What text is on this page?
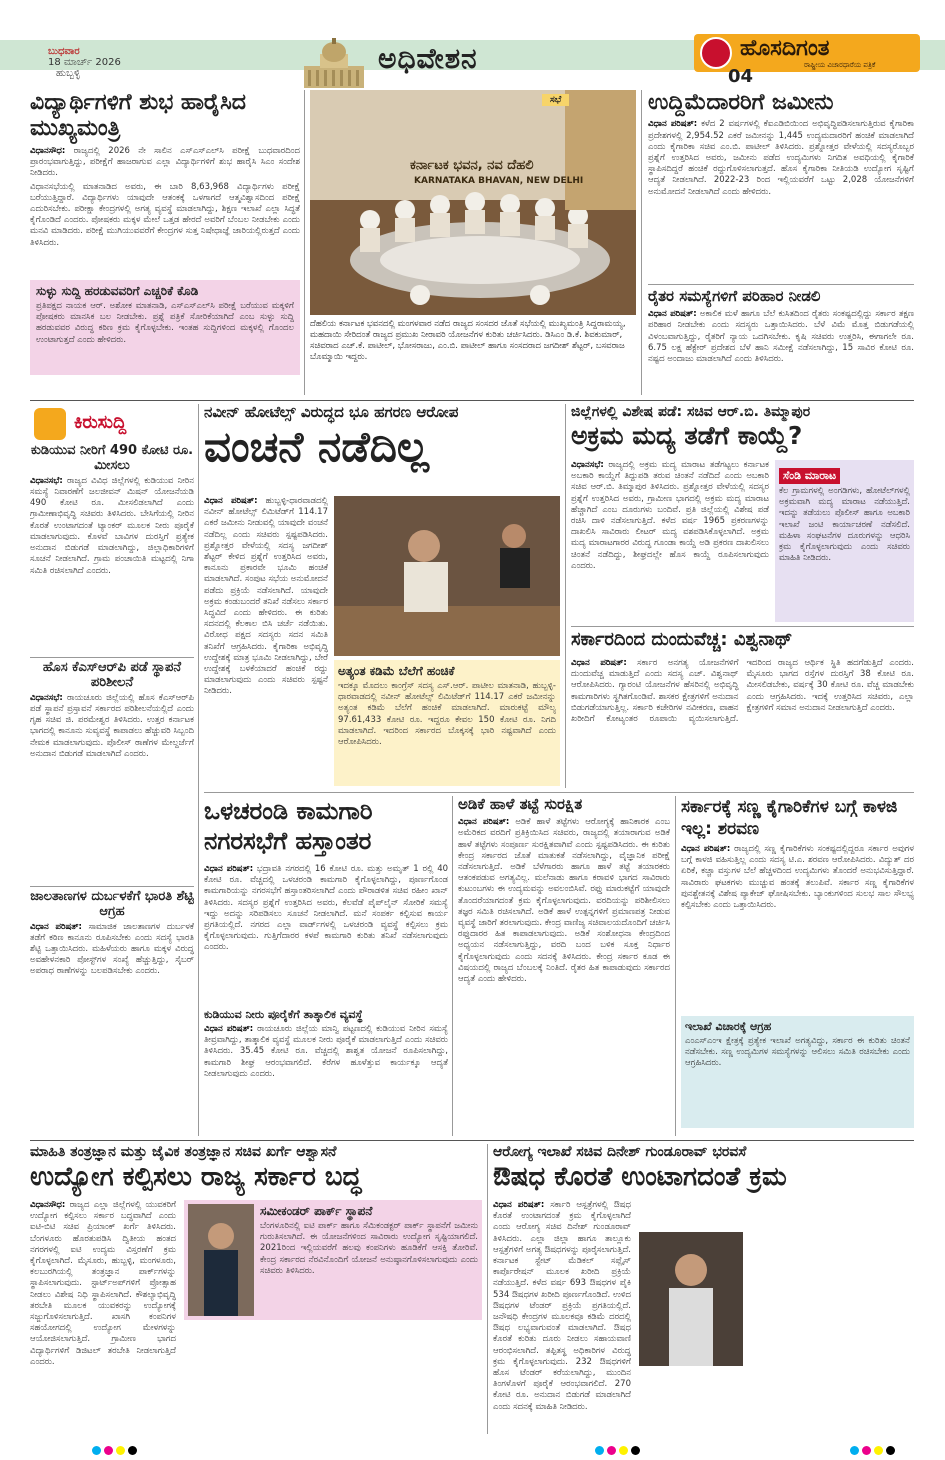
ಬುಧವಾರ
18 ಮಾರ್ಚ್ 2026
ಹುಬ್ಬಳ್ಳಿ	ಅಧಿವೇಶನ	ಹೊಸದಿಗಂತ
ರಾಷ್ಟ್ರೀಯ ವಿಚಾರಧಾರೆಯ ಪತ್ರಿಕೆ
04
ವಿದ್ಯಾರ್ಥಿಗಳಿಗೆ ಶುಭ ಹಾರೈಸಿದ ಮುಖ್ಯಮಂತ್ರಿ

ವಿಧಾನಸೌಧ: ರಾಜ್ಯದಲ್ಲಿ 2026 ನೇ ಸಾಲಿನ ಎಸ್‌ಎಸ್‌ಎಲ್‌ಸಿ ಪರೀಕ್ಷೆ ಬುಧವಾರದಿಂದ ಪ್ರಾರಂಭವಾಗುತ್ತಿದ್ದು, ಪರೀಕ್ಷೆಗೆ ಹಾಜರಾಗುವ ಎಲ್ಲಾ ವಿದ್ಯಾರ್ಥಿಗಳಿಗೆ ಶುಭ ಹಾರೈಸಿ ಸಿಎಂ ಸಂದೇಶ ನೀಡಿದರು.

ವಿಧಾನಸಭೆಯಲ್ಲಿ ಮಾತನಾಡಿದ ಅವರು, ಈ ಬಾರಿ 8,63,968 ವಿದ್ಯಾರ್ಥಿಗಳು ಪರೀಕ್ಷೆ ಬರೆಯುತ್ತಿದ್ದಾರೆ. ವಿದ್ಯಾರ್ಥಿಗಳು ಯಾವುದೇ ಆತಂಕಕ್ಕೆ ಒಳಗಾಗದೆ ಆತ್ಮವಿಶ್ವಾಸದಿಂದ ಪರೀಕ್ಷೆ ಎದುರಿಸಬೇಕು. ಪರೀಕ್ಷಾ ಕೇಂದ್ರಗಳಲ್ಲಿ ಅಗತ್ಯ ವ್ಯವಸ್ಥೆ ಮಾಡಲಾಗಿದ್ದು, ಶಿಕ್ಷಣ ಇಲಾಖೆ ಎಲ್ಲಾ ಸಿದ್ಧತೆ ಕೈಗೊಂಡಿದೆ ಎಂದರು. ಪೋಷಕರು ಮಕ್ಕಳ ಮೇಲೆ ಒತ್ತಡ ಹೇರದೆ ಅವರಿಗೆ ಬೆಂಬಲ ನೀಡಬೇಕು ಎಂದು ಮನವಿ ಮಾಡಿದರು. ಪರೀಕ್ಷೆ ಮುಗಿಯುವವರೆಗೆ ಕೇಂದ್ರಗಳ ಸುತ್ತ ನಿಷೇಧಾಜ್ಞೆ ಜಾರಿಯಲ್ಲಿರುತ್ತದೆ ಎಂದು ತಿಳಿಸಿದರು.

ಸುಳ್ಳು ಸುದ್ದಿ ಹರಡುವವರಿಗೆ ಎಚ್ಚರಿಕೆ ಕೊಡಿ
ಪ್ರತಿಪಕ್ಷದ ನಾಯಕ ಆರ್. ಅಶೋಕ ಮಾತನಾಡಿ, ಎಸ್‌ಎಸ್‌ಎಲ್‌ಸಿ ಪರೀಕ್ಷೆ ಬರೆಯುವ ಮಕ್ಕಳಿಗೆ ಪೋಷಕರು ಮಾನಸಿಕ ಬಲ ನೀಡಬೇಕು. ಪ್ರಶ್ನೆ ಪತ್ರಿಕೆ ಸೋರಿಕೆಯಾಗಿದೆ ಎಂಬ ಸುಳ್ಳು ಸುದ್ದಿ ಹರಡುವವರ ವಿರುದ್ಧ ಕಠಿಣ ಕ್ರಮ ಕೈಗೊಳ್ಳಬೇಕು. ಇಂತಹ ಸುದ್ದಿಗಳಿಂದ ಮಕ್ಕಳಲ್ಲಿ ಗೊಂದಲ ಉಂಟಾಗುತ್ತದೆ ಎಂದು ಹೇಳಿದರು.
ಸಭೆ
ಕರ್ನಾಟಕ ಭವನ, ನವ ದೆಹಲಿ
KARNATAKA BHAVAN, NEW DELHI
ದೆಹಲಿಯ ಕರ್ನಾಟಕ ಭವನದಲ್ಲಿ ಮಂಗಳವಾರ ನಡೆದ ರಾಜ್ಯದ ಸಂಸದರ ಜೊತೆ ಸಭೆಯಲ್ಲಿ ಮುಖ್ಯಮಂತ್ರಿ ಸಿದ್ದರಾಮಯ್ಯ, ಮಹದಾಯಿ ಸೇರಿದಂತೆ ರಾಜ್ಯದ ಪ್ರಮುಖ ನೀರಾವರಿ ಯೋಜನೆಗಳ ಕುರಿತು ಚರ್ಚಿಸಿದರು. ಡಿಸಿಎಂ ಡಿ.ಕೆ. ಶಿವಕುಮಾರ್, ಸಚಿವರಾದ ಎಚ್.ಕೆ. ಪಾಟೀಲ್, ಭೋಸರಾಜು, ಎಂ.ಬಿ. ಪಾಟೀಲ್ ಹಾಗೂ ಸಂಸದರಾದ ಜಗದೀಶ್ ಶೆಟ್ಟರ್, ಬಸವರಾಜ ಬೊಮ್ಮಾಯಿ ಇದ್ದರು.
ಉದ್ದಿಮೆದಾರರಿಗೆ ಜಮೀನು
ವಿಧಾನ ಪರಿಷತ್: ಕಳೆದ 2 ವರ್ಷಗಳಲ್ಲಿ ಕೆಐಎಡಿಬಿಯಿಂದ ಅಭಿವೃದ್ಧಿಪಡಿಸಲಾಗುತ್ತಿರುವ ಕೈಗಾರಿಕಾ ಪ್ರದೇಶಗಳಲ್ಲಿ 2,954.52 ಎಕರೆ ಜಮೀನನ್ನು 1,445 ಉದ್ಯಮದಾರರಿಗೆ ಹಂಚಿಕೆ ಮಾಡಲಾಗಿದೆ ಎಂದು ಕೈಗಾರಿಕಾ ಸಚಿವ ಎಂ.ಬಿ. ಪಾಟೀಲ್ ತಿಳಿಸಿದರು. ಪ್ರಶ್ನೋತ್ತರ ವೇಳೆಯಲ್ಲಿ ಸದಸ್ಯರೊಬ್ಬರ ಪ್ರಶ್ನೆಗೆ ಉತ್ತರಿಸಿದ ಅವರು, ಜಮೀನು ಪಡೆದ ಉದ್ಯಮಿಗಳು ನಿಗದಿತ ಅವಧಿಯಲ್ಲಿ ಕೈಗಾರಿಕೆ ಸ್ಥಾಪಿಸದಿದ್ದರೆ ಹಂಚಿಕೆ ರದ್ದುಗೊಳಿಸಲಾಗುತ್ತದೆ. ಹೊಸ ಕೈಗಾರಿಕಾ ನೀತಿಯಡಿ ಉದ್ಯೋಗ ಸೃಷ್ಟಿಗೆ ಆದ್ಯತೆ ನೀಡಲಾಗಿದೆ. 2022-23 ರಿಂದ ಇಲ್ಲಿಯವರೆಗೆ ಒಟ್ಟು 2,028 ಯೋಜನೆಗಳಿಗೆ ಅನುಮೋದನೆ ನೀಡಲಾಗಿದೆ ಎಂದು ಹೇಳಿದರು.
ರೈತರ ಸಮಸ್ಯೆಗಳಿಗೆ ಪರಿಹಾರ ನೀಡಲಿ
ವಿಧಾನ ಪರಿಷತ್: ಅಕಾಲಿಕ ಮಳೆ ಹಾಗೂ ಬೆಲೆ ಕುಸಿತದಿಂದ ರೈತರು ಸಂಕಷ್ಟದಲ್ಲಿದ್ದು ಸರ್ಕಾರ ತಕ್ಷಣ ಪರಿಹಾರ ನೀಡಬೇಕು ಎಂದು ಸದಸ್ಯರು ಒತ್ತಾಯಿಸಿದರು. ಬೆಳೆ ವಿಮೆ ಮೊತ್ತ ಬಿಡುಗಡೆಯಲ್ಲಿ ವಿಳಂಬವಾಗುತ್ತಿದ್ದು, ರೈತರಿಗೆ ನ್ಯಾಯ ಒದಗಿಸಬೇಕು. ಕೃಷಿ ಸಚಿವರು ಉತ್ತರಿಸಿ, ಈಗಾಗಲೇ ರೂ. 6.75 ಲಕ್ಷ ಹೆಕ್ಟೇರ್ ಪ್ರದೇಶದ ಬೆಳೆ ಹಾನಿ ಸಮೀಕ್ಷೆ ನಡೆಸಲಾಗಿದ್ದು, 15 ಸಾವಿರ ಕೋಟಿ ರೂ. ನಷ್ಟದ ಅಂದಾಜು ಮಾಡಲಾಗಿದೆ ಎಂದು ತಿಳಿಸಿದರು.
ಕಿರುಸುದ್ದಿ
ಕುಡಿಯುವ ನೀರಿಗೆ 490 ಕೋಟಿ ರೂ. ಮೀಸಲು
ವಿಧಾನಸಭೆ: ರಾಜ್ಯದ ವಿವಿಧ ಜಿಲ್ಲೆಗಳಲ್ಲಿ ಕುಡಿಯುವ ನೀರಿನ ಸಮಸ್ಯೆ ನಿವಾರಣೆಗೆ ಜಲಜೀವನ್ ಮಿಷನ್ ಯೋಜನೆಯಡಿ 490 ಕೋಟಿ ರೂ. ಮೀಸಲಿಡಲಾಗಿದೆ ಎಂದು ಗ್ರಾಮೀಣಾಭಿವೃದ್ಧಿ ಸಚಿವರು ತಿಳಿಸಿದರು. ಬೇಸಿಗೆಯಲ್ಲಿ ನೀರಿನ ಕೊರತೆ ಉಂಟಾಗದಂತೆ ಟ್ಯಾಂಕರ್ ಮೂಲಕ ನೀರು ಪೂರೈಕೆ ಮಾಡಲಾಗುವುದು. ಕೊಳವೆ ಬಾವಿಗಳ ದುರಸ್ತಿಗೆ ಪ್ರತ್ಯೇಕ ಅನುದಾನ ಬಿಡುಗಡೆ ಮಾಡಲಾಗಿದ್ದು, ಜಿಲ್ಲಾಧಿಕಾರಿಗಳಿಗೆ ಸೂಚನೆ ನೀಡಲಾಗಿದೆ. ಗ್ರಾಮ ಪಂಚಾಯಿತಿ ಮಟ್ಟದಲ್ಲಿ ನಿಗಾ ಸಮಿತಿ ರಚಿಸಲಾಗಿದೆ ಎಂದರು.
ಹೊಸ ಕೆಎಸ್‌ಆರ್‌ಪಿ ಪಡೆ ಸ್ಥಾಪನೆ ಪರಿಶೀಲನೆ
ವಿಧಾನಸಭೆ: ರಾಯಚೂರು ಜಿಲ್ಲೆಯಲ್ಲಿ ಹೊಸ ಕೆಎಸ್‌ಆರ್‌ಪಿ ಪಡೆ ಸ್ಥಾಪನೆ ಪ್ರಸ್ತಾವನೆ ಸರ್ಕಾರದ ಪರಿಶೀಲನೆಯಲ್ಲಿದೆ ಎಂದು ಗೃಹ ಸಚಿವ ಜಿ. ಪರಮೇಶ್ವರ ತಿಳಿಸಿದರು. ಉತ್ತರ ಕರ್ನಾಟಕ ಭಾಗದಲ್ಲಿ ಕಾನೂನು ಸುವ್ಯವಸ್ಥೆ ಕಾಪಾಡಲು ಹೆಚ್ಚುವರಿ ಸಿಬ್ಬಂದಿ ನೇಮಕ ಮಾಡಲಾಗುವುದು. ಪೊಲೀಸ್ ಠಾಣೆಗಳ ಮೇಲ್ದರ್ಜೆಗೆ ಅನುದಾನ ಬಿಡುಗಡೆ ಮಾಡಲಾಗಿದೆ ಎಂದರು.
ಜಾಲತಾಣಗಳ ದುರ್ಬಳಕೆಗೆ ಭಾರತಿ ಶೆಟ್ಟಿ ಆಗ್ರಹ
ವಿಧಾನ ಪರಿಷತ್: ಸಾಮಾಜಿಕ ಜಾಲತಾಣಗಳ ದುರ್ಬಳಕೆ ತಡೆಗೆ ಕಠಿಣ ಕಾನೂನು ರೂಪಿಸಬೇಕು ಎಂದು ಸದಸ್ಯೆ ಭಾರತಿ ಶೆಟ್ಟಿ ಒತ್ತಾಯಿಸಿದರು. ಮಹಿಳೆಯರು ಹಾಗೂ ಮಕ್ಕಳ ವಿರುದ್ಧ ಅವಹೇಳನಕಾರಿ ಪೋಸ್ಟ್‌ಗಳ ಸಂಖ್ಯೆ ಹೆಚ್ಚುತ್ತಿದ್ದು, ಸೈಬರ್ ಅಪರಾಧ ಠಾಣೆಗಳನ್ನು ಬಲಪಡಿಸಬೇಕು ಎಂದರು.
ನವೀನ್ ಹೋಟೆಲ್ಸ್ ವಿರುದ್ಧದ ಭೂ ಹಗರಣ ಆರೋಪ
ವಂಚನೆ ನಡೆದಿಲ್ಲ
ವಿಧಾನ ಪರಿಷತ್: ಹುಬ್ಬಳ್ಳಿ-ಧಾರವಾಡದಲ್ಲಿ ನವೀನ್ ಹೋಟೆಲ್ಸ್ ಲಿಮಿಟೆಡ್‌ಗೆ 114.17 ಎಕರೆ ಜಮೀನು ನೀಡುವಲ್ಲಿ ಯಾವುದೇ ವಂಚನೆ ನಡೆದಿಲ್ಲ ಎಂದು ಸಚಿವರು ಸ್ಪಷ್ಟಪಡಿಸಿದರು. ಪ್ರಶ್ನೋತ್ತರ ವೇಳೆಯಲ್ಲಿ ಸದಸ್ಯ ಜಗದೀಶ್ ಶೆಟ್ಟರ್ ಕೇಳಿದ ಪ್ರಶ್ನೆಗೆ ಉತ್ತರಿಸಿದ ಅವರು, ಕಾನೂನು ಪ್ರಕಾರವೇ ಭೂಮಿ ಹಂಚಿಕೆ ಮಾಡಲಾಗಿದೆ. ಸಂಪುಟ ಸಭೆಯ ಅನುಮೋದನೆ ಪಡೆದು ಪ್ರಕ್ರಿಯೆ ನಡೆಸಲಾಗಿದೆ. ಯಾವುದೇ ಅಕ್ರಮ ಕಂಡುಬಂದರೆ ತನಿಖೆ ನಡೆಸಲು ಸರ್ಕಾರ ಸಿದ್ಧವಿದೆ ಎಂದು ಹೇಳಿದರು. ಈ ಕುರಿತು ಸದನದಲ್ಲಿ ಕೆಲಕಾಲ ಬಿಸಿ ಚರ್ಚೆ ನಡೆಯಿತು. ವಿರೋಧ ಪಕ್ಷದ ಸದಸ್ಯರು ಸದನ ಸಮಿತಿ ತನಿಖೆಗೆ ಆಗ್ರಹಿಸಿದರು. ಕೈಗಾರಿಕಾ ಅಭಿವೃದ್ಧಿ ಉದ್ದೇಶಕ್ಕೆ ಮಾತ್ರ ಭೂಮಿ ನೀಡಲಾಗಿದ್ದು, ಬೇರೆ ಉದ್ದೇಶಕ್ಕೆ ಬಳಕೆಯಾದರೆ ಹಂಚಿಕೆ ರದ್ದು ಮಾಡಲಾಗುವುದು ಎಂದು ಸಚಿವರು ಸ್ಪಷ್ಟನೆ ನೀಡಿದರು.
ಅತ್ಯಂತ ಕಡಿಮೆ ಬೆಲೆಗೆ ಹಂಚಿಕೆ
ಇದಕ್ಕೂ ಮೊದಲು ಕಾಂಗ್ರೆಸ್ ಸದಸ್ಯ ಎಸ್.ಆರ್. ಪಾಟೀಲ ಮಾತನಾಡಿ, ಹುಬ್ಬಳ್ಳಿ-ಧಾರವಾಡದಲ್ಲಿ ನವೀನ್ ಹೋಟೆಲ್ಸ್ ಲಿಮಿಟೆಡ್‌ಗೆ 114.17 ಎಕರೆ ಜಮೀನನ್ನು ಅತ್ಯಂತ ಕಡಿಮೆ ಬೆಲೆಗೆ ಹಂಚಿಕೆ ಮಾಡಲಾಗಿದೆ. ಮಾರುಕಟ್ಟೆ ಮೌಲ್ಯ 97.61,433 ಕೋಟಿ ರೂ. ಇದ್ದರೂ ಕೇವಲ 150 ಕೋಟಿ ರೂ. ನಿಗದಿ ಮಾಡಲಾಗಿದೆ. ಇದರಿಂದ ಸರ್ಕಾರದ ಬೊಕ್ಕಸಕ್ಕೆ ಭಾರಿ ನಷ್ಟವಾಗಿದೆ ಎಂದು ಆರೋಪಿಸಿದರು.
ಜಿಲ್ಲೆಗಳಲ್ಲಿ ವಿಶೇಷ ಪಡೆ: ಸಚಿವ ಆರ್.ಬಿ. ತಿಮ್ಮಾಪುರ
ಅಕ್ರಮ ಮದ್ಯ ತಡೆಗೆ ಕಾಯ್ದೆ?
ವಿಧಾನಸಭೆ: ರಾಜ್ಯದಲ್ಲಿ ಅಕ್ರಮ ಮದ್ಯ ಮಾರಾಟ ತಡೆಗಟ್ಟಲು ಕರ್ನಾಟಕ ಅಬಕಾರಿ ಕಾಯ್ದೆಗೆ ತಿದ್ದುಪಡಿ ತರುವ ಚಿಂತನೆ ನಡೆದಿದೆ ಎಂದು ಅಬಕಾರಿ ಸಚಿವ ಆರ್.ಬಿ. ತಿಮ್ಮಾಪುರ ತಿಳಿಸಿದರು. ಪ್ರಶ್ನೋತ್ತರ ವೇಳೆಯಲ್ಲಿ ಸದಸ್ಯರ ಪ್ರಶ್ನೆಗೆ ಉತ್ತರಿಸಿದ ಅವರು, ಗ್ರಾಮೀಣ ಭಾಗದಲ್ಲಿ ಅಕ್ರಮ ಮದ್ಯ ಮಾರಾಟ ಹೆಚ್ಚಾಗಿದೆ ಎಂಬ ದೂರುಗಳು ಬಂದಿವೆ. ಪ್ರತಿ ಜಿಲ್ಲೆಯಲ್ಲಿ ವಿಶೇಷ ಪಡೆ ರಚಿಸಿ ದಾಳಿ ನಡೆಸಲಾಗುತ್ತಿದೆ. ಕಳೆದ ವರ್ಷ 1965 ಪ್ರಕರಣಗಳನ್ನು ದಾಖಲಿಸಿ ಸಾವಿರಾರು ಲೀಟರ್ ಮದ್ಯ ವಶಪಡಿಸಿಕೊಳ್ಳಲಾಗಿದೆ. ಅಕ್ರಮ ಮದ್ಯ ಮಾರಾಟಗಾರರ ವಿರುದ್ಧ ಗೂಂಡಾ ಕಾಯ್ದೆ ಅಡಿ ಪ್ರಕರಣ ದಾಖಲಿಸಲು ಚಿಂತನೆ ನಡೆದಿದ್ದು, ಶೀಘ್ರದಲ್ಲೇ ಹೊಸ ಕಾಯ್ದೆ ರೂಪಿಸಲಾಗುವುದು ಎಂದರು.
ಸೆಂಡಿ ಮಾರಾಟ
ಕೆಲ ಗ್ರಾಮಗಳಲ್ಲಿ ಅಂಗಡಿಗಳು, ಹೋಟೆಲ್‌ಗಳಲ್ಲಿ ಅಕ್ರಮವಾಗಿ ಮದ್ಯ ಮಾರಾಟ ನಡೆಯುತ್ತಿದೆ. ಇದನ್ನು ತಡೆಯಲು ಪೊಲೀಸ್ ಹಾಗೂ ಅಬಕಾರಿ ಇಲಾಖೆ ಜಂಟಿ ಕಾರ್ಯಾಚರಣೆ ನಡೆಸಲಿದೆ. ಮಹಿಳಾ ಸಂಘಟನೆಗಳ ದೂರುಗಳನ್ನು ಆಧರಿಸಿ ಕ್ರಮ ಕೈಗೊಳ್ಳಲಾಗುವುದು ಎಂದು ಸಚಿವರು ಮಾಹಿತಿ ನೀಡಿದರು.
ಸರ್ಕಾರದಿಂದ ದುಂದುವೆಚ್ಚ: ವಿಶ್ವನಾಥ್
ವಿಧಾನ ಪರಿಷತ್: ಸರ್ಕಾರ ಅನಗತ್ಯ ಯೋಜನೆಗಳಿಗೆ ದುಂದುವೆಚ್ಚ ಮಾಡುತ್ತಿದೆ ಎಂದು ಸದಸ್ಯ ಎಚ್. ವಿಶ್ವನಾಥ್ ಆರೋಪಿಸಿದರು. ಗ್ಯಾರಂಟಿ ಯೋಜನೆಗಳ ಹೆಸರಿನಲ್ಲಿ ಅಭಿವೃದ್ಧಿ ಕಾಮಗಾರಿಗಳು ಸ್ಥಗಿತಗೊಂಡಿವೆ. ಶಾಸಕರ ಕ್ಷೇತ್ರಗಳಿಗೆ ಅನುದಾನ ಬಿಡುಗಡೆಯಾಗುತ್ತಿಲ್ಲ. ಸರ್ಕಾರಿ ಕಚೇರಿಗಳ ನವೀಕರಣ, ವಾಹನ ಖರೀದಿಗೆ ಕೋಟ್ಯಂತರ ರೂಪಾಯಿ ವ್ಯಯಿಸಲಾಗುತ್ತಿದೆ. ಇದರಿಂದ ರಾಜ್ಯದ ಆರ್ಥಿಕ ಸ್ಥಿತಿ ಹದಗೆಡುತ್ತಿದೆ ಎಂದರು. ಮೈಸೂರು ಭಾಗದ ರಸ್ತೆಗಳ ದುರಸ್ತಿಗೆ 38 ಕೋಟಿ ರೂ. ಮೀಸಲಿಡಬೇಕು, ವರ್ಷಕ್ಕೆ 30 ಕೋಟಿ ರೂ. ವೆಚ್ಚ ಮಾಡಬೇಕು ಎಂದು ಆಗ್ರಹಿಸಿದರು. ಇದಕ್ಕೆ ಉತ್ತರಿಸಿದ ಸಚಿವರು, ಎಲ್ಲಾ ಕ್ಷೇತ್ರಗಳಿಗೆ ಸಮಾನ ಅನುದಾನ ನೀಡಲಾಗುತ್ತಿದೆ ಎಂದರು.
ಒಳಚರಂಡಿ ಕಾಮಗಾರಿ ನಗರಸಭೆಗೆ ಹಸ್ತಾಂತರ
ವಿಧಾನ ಪರಿಷತ್: ಭದ್ರಾವತಿ ನಗರದಲ್ಲಿ 16 ಕೋಟಿ ರೂ. ಮತ್ತು ಅಮೃತ್ 1 ರಲ್ಲಿ 40 ಕೋಟಿ ರೂ. ವೆಚ್ಚದಲ್ಲಿ ಒಳಚರಂಡಿ ಕಾಮಗಾರಿ ಕೈಗೊಳ್ಳಲಾಗಿದ್ದು, ಪೂರ್ಣಗೊಂಡ ಕಾಮಗಾರಿಯನ್ನು ನಗರಸಭೆಗೆ ಹಸ್ತಾಂತರಿಸಲಾಗಿದೆ ಎಂದು ಪೌರಾಡಳಿತ ಸಚಿವ ರಹೀಂ ಖಾನ್ ತಿಳಿಸಿದರು. ಸದಸ್ಯರ ಪ್ರಶ್ನೆಗೆ ಉತ್ತರಿಸಿದ ಅವರು, ಕೆಲವೆಡೆ ಪೈಪ್‌ಲೈನ್ ಸೋರಿಕೆ ಸಮಸ್ಯೆ ಇದ್ದು ಅದನ್ನು ಸರಿಪಡಿಸಲು ಸೂಚನೆ ನೀಡಲಾಗಿದೆ. ಮನೆ ಸಂಪರ್ಕ ಕಲ್ಪಿಸುವ ಕಾರ್ಯ ಪ್ರಗತಿಯಲ್ಲಿದೆ. ನಗರದ ಎಲ್ಲಾ ವಾರ್ಡ್‌ಗಳಲ್ಲಿ ಒಳಚರಂಡಿ ವ್ಯವಸ್ಥೆ ಕಲ್ಪಿಸಲು ಕ್ರಮ ಕೈಗೊಳ್ಳಲಾಗುವುದು. ಗುತ್ತಿಗೆದಾರರ ಕಳಪೆ ಕಾಮಗಾರಿ ಕುರಿತು ತನಿಖೆ ನಡೆಸಲಾಗುವುದು ಎಂದರು.
ಕುಡಿಯುವ ನೀರು ಪೂರೈಕೆಗೆ ತಾತ್ಕಾಲಿಕ ವ್ಯವಸ್ಥೆ
ವಿಧಾನ ಪರಿಷತ್: ರಾಯಚೂರು ಜಿಲ್ಲೆಯ ಮಾನ್ವಿ ಪಟ್ಟಣದಲ್ಲಿ ಕುಡಿಯುವ ನೀರಿನ ಸಮಸ್ಯೆ ತೀವ್ರವಾಗಿದ್ದು, ತಾತ್ಕಾಲಿಕ ವ್ಯವಸ್ಥೆ ಮೂಲಕ ನೀರು ಪೂರೈಕೆ ಮಾಡಲಾಗುತ್ತಿದೆ ಎಂದು ಸಚಿವರು ತಿಳಿಸಿದರು. 35.45 ಕೋಟಿ ರೂ. ವೆಚ್ಚದಲ್ಲಿ ಶಾಶ್ವತ ಯೋಜನೆ ರೂಪಿಸಲಾಗಿದ್ದು, ಕಾಮಗಾರಿ ಶೀಘ್ರ ಆರಂಭವಾಗಲಿದೆ. ಕೆರೆಗಳ ಹೂಳೆತ್ತುವ ಕಾರ್ಯಕ್ಕೂ ಆದ್ಯತೆ ನೀಡಲಾಗುವುದು ಎಂದರು.
ಅಡಿಕೆ ಹಾಳೆ ತಟ್ಟೆ ಸುರಕ್ಷಿತ
ವಿಧಾನ ಪರಿಷತ್: ಅಡಿಕೆ ಹಾಳೆ ತಟ್ಟೆಗಳು ಆರೋಗ್ಯಕ್ಕೆ ಹಾನಿಕಾರಕ ಎಂಬ ಅಮೆರಿಕದ ವರದಿಗೆ ಪ್ರತಿಕ್ರಿಯಿಸಿದ ಸಚಿವರು, ರಾಜ್ಯದಲ್ಲಿ ತಯಾರಾಗುವ ಅಡಿಕೆ ಹಾಳೆ ತಟ್ಟೆಗಳು ಸಂಪೂರ್ಣ ಸುರಕ್ಷಿತವಾಗಿವೆ ಎಂದು ಸ್ಪಷ್ಟಪಡಿಸಿದರು. ಈ ಕುರಿತು ಕೇಂದ್ರ ಸರ್ಕಾರದ ಜೊತೆ ಮಾತುಕತೆ ನಡೆಸಲಾಗಿದ್ದು, ವೈಜ್ಞಾನಿಕ ಪರೀಕ್ಷೆ ನಡೆಸಲಾಗುತ್ತಿದೆ. ಅಡಿಕೆ ಬೆಳೆಗಾರರು ಹಾಗೂ ಹಾಳೆ ತಟ್ಟೆ ತಯಾರಕರು ಆತಂಕಪಡುವ ಅಗತ್ಯವಿಲ್ಲ. ಮಲೆನಾಡು ಹಾಗೂ ಕರಾವಳಿ ಭಾಗದ ಸಾವಿರಾರು ಕುಟುಂಬಗಳು ಈ ಉದ್ಯಮವನ್ನು ಅವಲಂಬಿಸಿವೆ. ರಫ್ತು ಮಾರುಕಟ್ಟೆಗೆ ಯಾವುದೇ ತೊಂದರೆಯಾಗದಂತೆ ಕ್ರಮ ಕೈಗೊಳ್ಳಲಾಗುವುದು. ವರದಿಯನ್ನು ಪರಿಶೀಲಿಸಲು ತಜ್ಞರ ಸಮಿತಿ ರಚಿಸಲಾಗಿದೆ. ಅಡಿಕೆ ಹಾಳೆ ಉತ್ಪನ್ನಗಳಿಗೆ ಪ್ರಮಾಣಪತ್ರ ನೀಡುವ ವ್ಯವಸ್ಥೆ ಜಾರಿಗೆ ತರಲಾಗುವುದು. ಕೇಂದ್ರ ವಾಣಿಜ್ಯ ಸಚಿವಾಲಯದೊಂದಿಗೆ ಚರ್ಚಿಸಿ ರಫ್ತುದಾರರ ಹಿತ ಕಾಪಾಡಲಾಗುವುದು. ಅಡಿಕೆ ಸಂಶೋಧನಾ ಕೇಂದ್ರದಿಂದ ಅಧ್ಯಯನ ನಡೆಸಲಾಗುತ್ತಿದ್ದು, ವರದಿ ಬಂದ ಬಳಿಕ ಸೂಕ್ತ ನಿರ್ಧಾರ ಕೈಗೊಳ್ಳಲಾಗುವುದು ಎಂದು ಸದನಕ್ಕೆ ತಿಳಿಸಿದರು. ಕೇಂದ್ರ ಸರ್ಕಾರ ಕೂಡ ಈ ವಿಷಯದಲ್ಲಿ ರಾಜ್ಯದ ಬೆಂಬಲಕ್ಕೆ ನಿಂತಿದೆ. ರೈತರ ಹಿತ ಕಾಪಾಡುವುದು ಸರ್ಕಾರದ ಆದ್ಯತೆ ಎಂದು ಹೇಳಿದರು.
ಸರ್ಕಾರಕ್ಕೆ ಸಣ್ಣ ಕೈಗಾರಿಕೆಗಳ ಬಗ್ಗೆ ಕಾಳಜಿ ಇಲ್ಲ: ಶರವಣ
ವಿಧಾನ ಪರಿಷತ್: ರಾಜ್ಯದಲ್ಲಿ ಸಣ್ಣ ಕೈಗಾರಿಕೆಗಳು ಸಂಕಷ್ಟದಲ್ಲಿದ್ದರೂ ಸರ್ಕಾರ ಅವುಗಳ ಬಗ್ಗೆ ಕಾಳಜಿ ವಹಿಸುತ್ತಿಲ್ಲ ಎಂದು ಸದಸ್ಯ ಟಿ.ಎ. ಶರವಣ ಆರೋಪಿಸಿದರು. ವಿದ್ಯುತ್ ದರ ಏರಿಕೆ, ಕಚ್ಚಾ ವಸ್ತುಗಳ ಬೆಲೆ ಹೆಚ್ಚಳದಿಂದ ಉದ್ಯಮಿಗಳು ತೊಂದರೆ ಅನುಭವಿಸುತ್ತಿದ್ದಾರೆ. ಸಾವಿರಾರು ಘಟಕಗಳು ಮುಚ್ಚುವ ಹಂತಕ್ಕೆ ತಲುಪಿವೆ. ಸರ್ಕಾರ ಸಣ್ಣ ಕೈಗಾರಿಕೆಗಳ ಪುನಶ್ಚೇತನಕ್ಕೆ ವಿಶೇಷ ಪ್ಯಾಕೇಜ್ ಘೋಷಿಸಬೇಕು. ಬ್ಯಾಂಕುಗಳಿಂದ ಸುಲಭ ಸಾಲ ಸೌಲಭ್ಯ ಕಲ್ಪಿಸಬೇಕು ಎಂದು ಒತ್ತಾಯಿಸಿದರು.
ಇಲಾಖೆ ವಿಚಾರಕ್ಕೆ ಆಗ್ರಹ
ಎಂಎಸ್‌ಎಂಇ ಕ್ಷೇತ್ರಕ್ಕೆ ಪ್ರತ್ಯೇಕ ಇಲಾಖೆ ಅಗತ್ಯವಿದ್ದು, ಸರ್ಕಾರ ಈ ಕುರಿತು ಚಿಂತನೆ ನಡೆಸಬೇಕು. ಸಣ್ಣ ಉದ್ಯಮಿಗಳ ಸಮಸ್ಯೆಗಳನ್ನು ಆಲಿಸಲು ಸಮಿತಿ ರಚಿಸಬೇಕು ಎಂದು ಆಗ್ರಹಿಸಿದರು.
ಮಾಹಿತಿ ತಂತ್ರಜ್ಞಾನ ಮತ್ತು ಜೈವಿಕ ತಂತ್ರಜ್ಞಾನ ಸಚಿವ ಖರ್ಗೆ ಆಶ್ವಾಸನೆ
ಉದ್ಯೋಗ ಕಲ್ಪಿಸಲು ರಾಜ್ಯ ಸರ್ಕಾರ ಬದ್ಧ
ವಿಧಾನಸೌಧ: ರಾಜ್ಯದ ಎಲ್ಲಾ ಜಿಲ್ಲೆಗಳಲ್ಲಿ ಯುವಕರಿಗೆ ಉದ್ಯೋಗ ಕಲ್ಪಿಸಲು ಸರ್ಕಾರ ಬದ್ಧವಾಗಿದೆ ಎಂದು ಐಟಿ-ಬಿಟಿ ಸಚಿವ ಪ್ರಿಯಾಂಕ್ ಖರ್ಗೆ ತಿಳಿಸಿದರು. ಬೆಂಗಳೂರು ಹೊರತುಪಡಿಸಿ ದ್ವಿತೀಯ ಹಂತದ ನಗರಗಳಲ್ಲಿ ಐಟಿ ಉದ್ಯಮ ವಿಸ್ತರಣೆಗೆ ಕ್ರಮ ಕೈಗೊಳ್ಳಲಾಗಿದೆ. ಮೈಸೂರು, ಹುಬ್ಬಳ್ಳಿ, ಮಂಗಳೂರು, ಕಲಬುರಗಿಯಲ್ಲಿ ತಂತ್ರಜ್ಞಾನ ಪಾರ್ಕ್‌ಗಳನ್ನು ಸ್ಥಾಪಿಸಲಾಗುವುದು. ಸ್ಟಾರ್ಟ್‌ಅಪ್‌ಗಳಿಗೆ ಪ್ರೋತ್ಸಾಹ ನೀಡಲು ವಿಶೇಷ ನಿಧಿ ಸ್ಥಾಪಿಸಲಾಗಿದೆ. ಕೌಶಲ್ಯಾಭಿವೃದ್ಧಿ ತರಬೇತಿ ಮೂಲಕ ಯುವಕರನ್ನು ಉದ್ಯೋಗಕ್ಕೆ ಸಜ್ಜುಗೊಳಿಸಲಾಗುತ್ತಿದೆ. ಖಾಸಗಿ ಕಂಪನಿಗಳ ಸಹಯೋಗದಲ್ಲಿ ಉದ್ಯೋಗ ಮೇಳಗಳನ್ನು ಆಯೋಜಿಸಲಾಗುತ್ತಿದೆ. ಗ್ರಾಮೀಣ ಭಾಗದ ವಿದ್ಯಾರ್ಥಿಗಳಿಗೆ ಡಿಜಿಟಲ್ ತರಬೇತಿ ನೀಡಲಾಗುತ್ತಿದೆ ಎಂದರು.
ಸಮೀಕಂಡರ್ ಪಾರ್ಕ್ ಸ್ಥಾಪನೆ
ಬೆಂಗಳೂರಿನಲ್ಲಿ ಐಟಿ ಪಾರ್ಕ್ ಹಾಗೂ ಸೆಮಿಕಂಡಕ್ಟರ್ ಪಾರ್ಕ್ ಸ್ಥಾಪನೆಗೆ ಜಮೀನು ಗುರುತಿಸಲಾಗಿದೆ. ಈ ಯೋಜನೆಗಳಿಂದ ಸಾವಿರಾರು ಉದ್ಯೋಗ ಸೃಷ್ಟಿಯಾಗಲಿದೆ. 2021ರಿಂದ ಇಲ್ಲಿಯವರೆಗೆ ಹಲವು ಕಂಪನಿಗಳು ಹೂಡಿಕೆಗೆ ಆಸಕ್ತಿ ತೋರಿವೆ. ಕೇಂದ್ರ ಸರ್ಕಾರದ ನೆರವಿನೊಂದಿಗೆ ಯೋಜನೆ ಅನುಷ್ಠಾನಗೊಳಿಸಲಾಗುವುದು ಎಂದು ಸಚಿವರು ತಿಳಿಸಿದರು.
ಆರೋಗ್ಯ ಇಲಾಖೆ ಸಚಿವ ದಿನೇಶ್ ಗುಂಡೂರಾವ್ ಭರವಸೆ
ಔಷಧ ಕೊರತೆ ಉಂಟಾಗದಂತೆ ಕ್ರಮ
ವಿಧಾನ ಪರಿಷತ್: ಸರ್ಕಾರಿ ಆಸ್ಪತ್ರೆಗಳಲ್ಲಿ ಔಷಧ ಕೊರತೆ ಉಂಟಾಗದಂತೆ ಕ್ರಮ ಕೈಗೊಳ್ಳಲಾಗಿದೆ ಎಂದು ಆರೋಗ್ಯ ಸಚಿವ ದಿನೇಶ್ ಗುಂಡೂರಾವ್ ತಿಳಿಸಿದರು. ಎಲ್ಲಾ ಜಿಲ್ಲಾ ಹಾಗೂ ತಾಲ್ಲೂಕು ಆಸ್ಪತ್ರೆಗಳಿಗೆ ಅಗತ್ಯ ಔಷಧಗಳನ್ನು ಪೂರೈಸಲಾಗುತ್ತಿದೆ. ಕರ್ನಾಟಕ ಸ್ಟೇಟ್ ಮೆಡಿಕಲ್ ಸಪ್ಲೈಸ್ ಕಾರ್ಪೊರೇಷನ್ ಮೂಲಕ ಖರೀದಿ ಪ್ರಕ್ರಿಯೆ ನಡೆಯುತ್ತಿದೆ. ಕಳೆದ ವರ್ಷ 693 ಔಷಧಗಳ ಪೈಕಿ 534 ಔಷಧಗಳ ಖರೀದಿ ಪೂರ್ಣಗೊಂಡಿದೆ. ಉಳಿದ ಔಷಧಗಳ ಟೆಂಡರ್ ಪ್ರಕ್ರಿಯೆ ಪ್ರಗತಿಯಲ್ಲಿದೆ. ಜನೌಷಧಿ ಕೇಂದ್ರಗಳ ಮೂಲಕವೂ ಕಡಿಮೆ ದರದಲ್ಲಿ ಔಷಧ ಲಭ್ಯವಾಗುವಂತೆ ಮಾಡಲಾಗಿದೆ. ಔಷಧ ಕೊರತೆ ಕುರಿತು ದೂರು ನೀಡಲು ಸಹಾಯವಾಣಿ ಆರಂಭಿಸಲಾಗಿದೆ. ತಪ್ಪಿತಸ್ಥ ಅಧಿಕಾರಿಗಳ ವಿರುದ್ಧ ಕ್ರಮ ಕೈಗೊಳ್ಳಲಾಗುವುದು. 232 ಔಷಧಗಳಿಗೆ ಹೊಸ ಟೆಂಡರ್ ಕರೆಯಲಾಗಿದ್ದು, ಮುಂದಿನ ತಿಂಗಳೊಳಗೆ ಪೂರೈಕೆ ಆರಂಭವಾಗಲಿದೆ. 270 ಕೋಟಿ ರೂ. ಅನುದಾನ ಬಿಡುಗಡೆ ಮಾಡಲಾಗಿದೆ ಎಂದು ಸದನಕ್ಕೆ ಮಾಹಿತಿ ನೀಡಿದರು.
